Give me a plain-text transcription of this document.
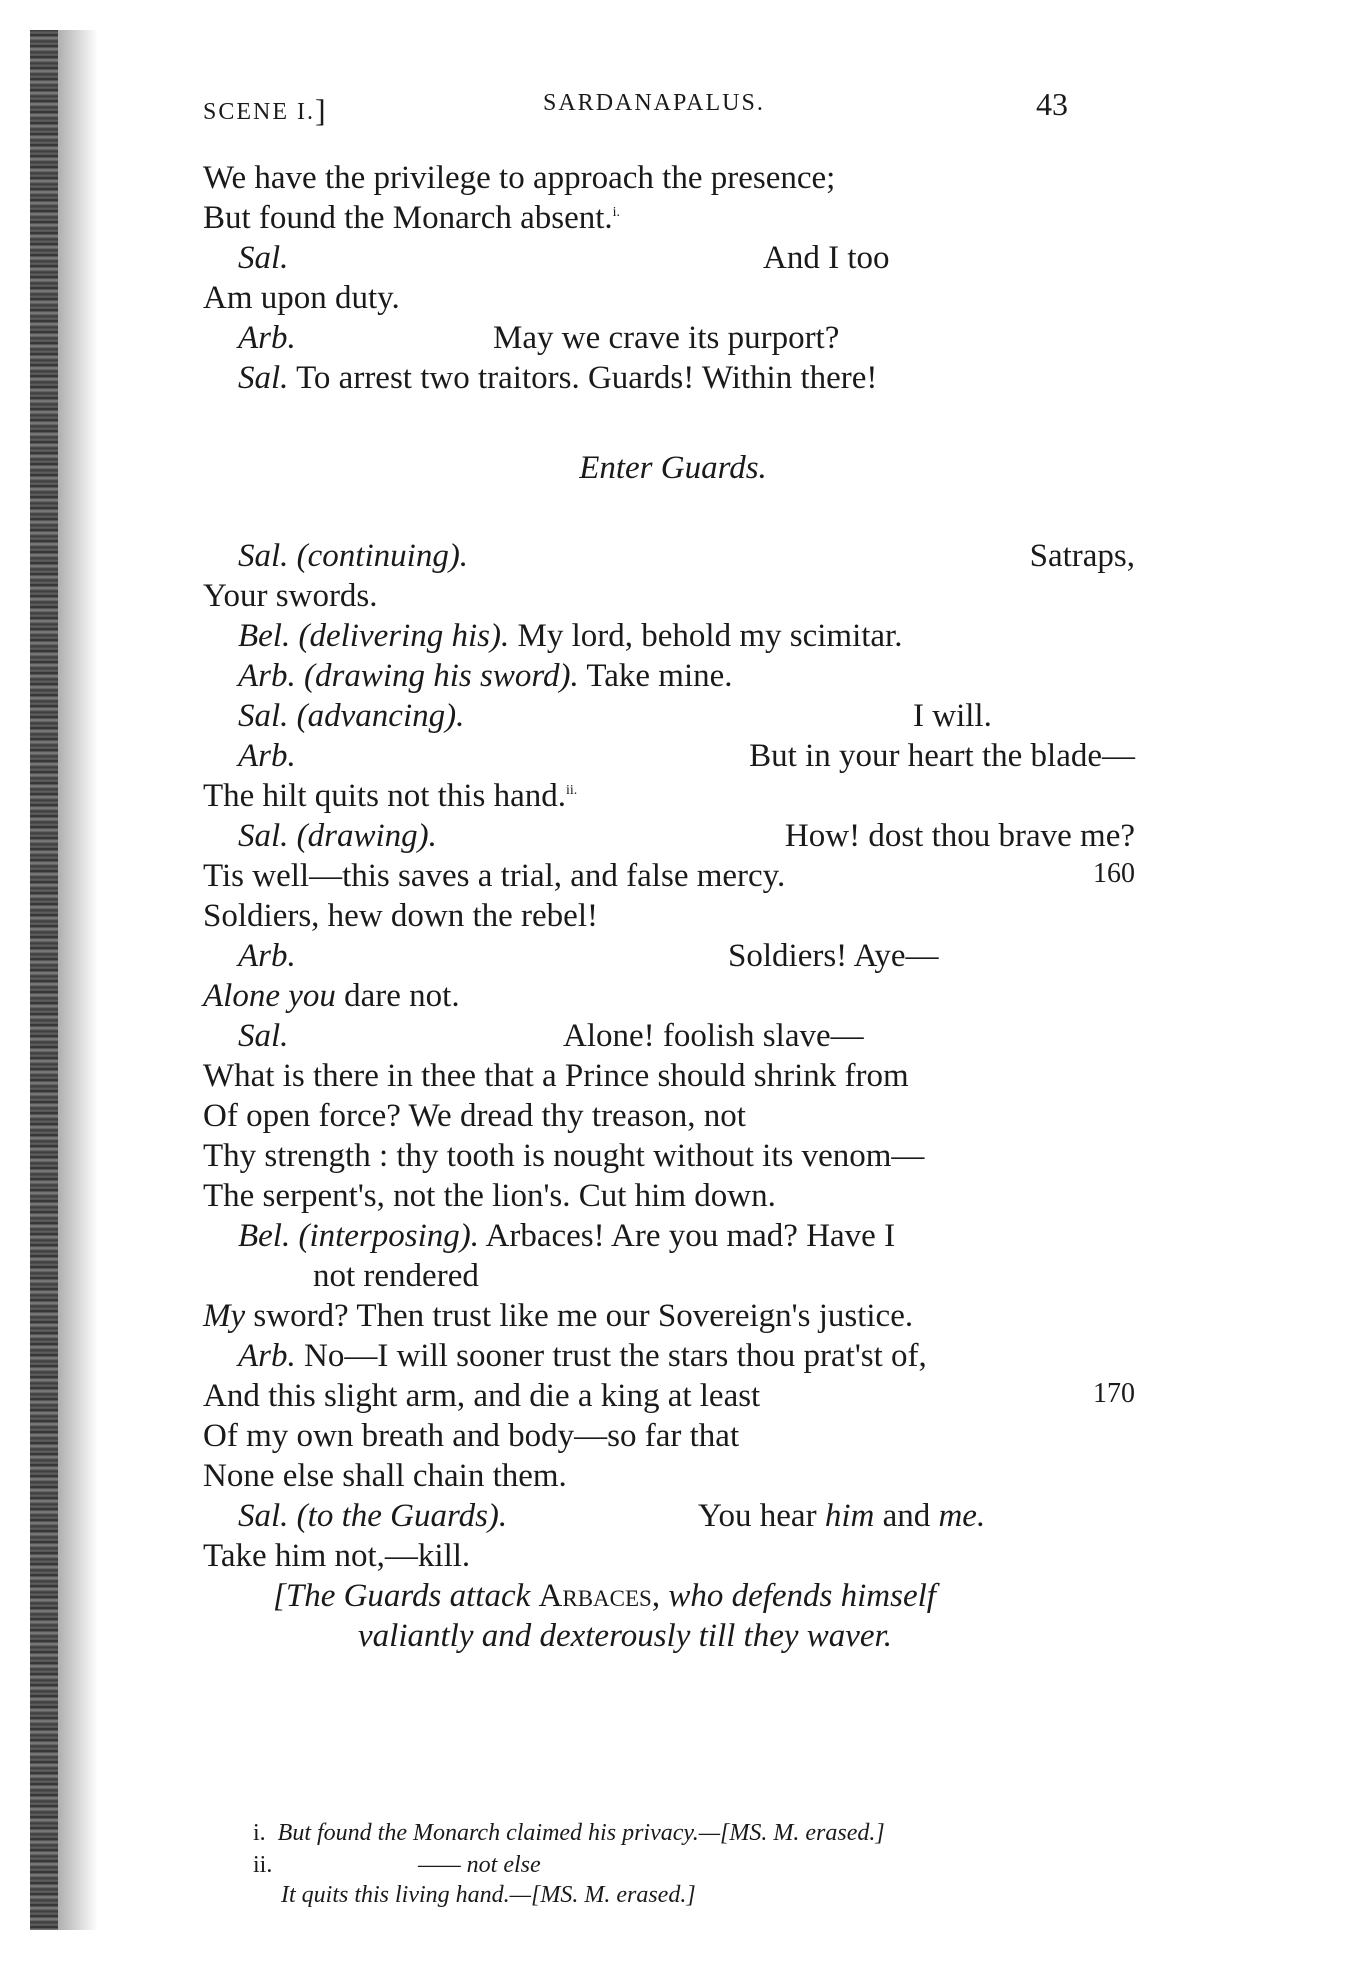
SCENE I.]	SARDANAPALUS.	43
We have the privilege to approach the presence;
But found the Monarch absent.$^{i.}$
Sal.	And I too
Am upon duty.
Arb.	May we crave its purport?
Sal. To arrest two traitors. Guards! Within there!
Enter Guards.
Sal. (continuing).	Satraps,
Your swords.
Bel. (delivering his). My lord, behold my scimitar.
Arb. (drawing his sword). Take mine.
Sal. (advancing).	I will.
Arb.	But in your heart the blade—
The hilt quits not this hand.$^{ii.}$
Sal. (drawing).	How! dost thou brave me?
Tis well—this saves a trial, and false mercy.	160
Soldiers, hew down the rebel!
Arb.	Soldiers! Aye—
Alone you dare not.
Sal.	Alone! foolish slave—
What is there in thee that a Prince should shrink from
Of open force? We dread thy treason, not
Thy strength : thy tooth is nought without its venom—
The serpent's, not the lion's. Cut him down.
Bel. (interposing). Arbaces! Are you mad? Have I
not rendered
My sword? Then trust like me our Sovereign's justice.
Arb. No—I will sooner trust the stars thou prat'st of,
And this slight arm, and die a king at least	170
Of my own breath and body—so far that
None else shall chain them.
Sal. (to the Guards).	You hear him and me.
Take him not,—kill.
[The Guards attack Arbaces, who defends himself
valiantly and dexterously till they waver.
i. But found the Monarch claimed his privacy.—[MS. M. erased.]
ii.	—— not else
It quits this living hand.—[MS. M. erased.]
